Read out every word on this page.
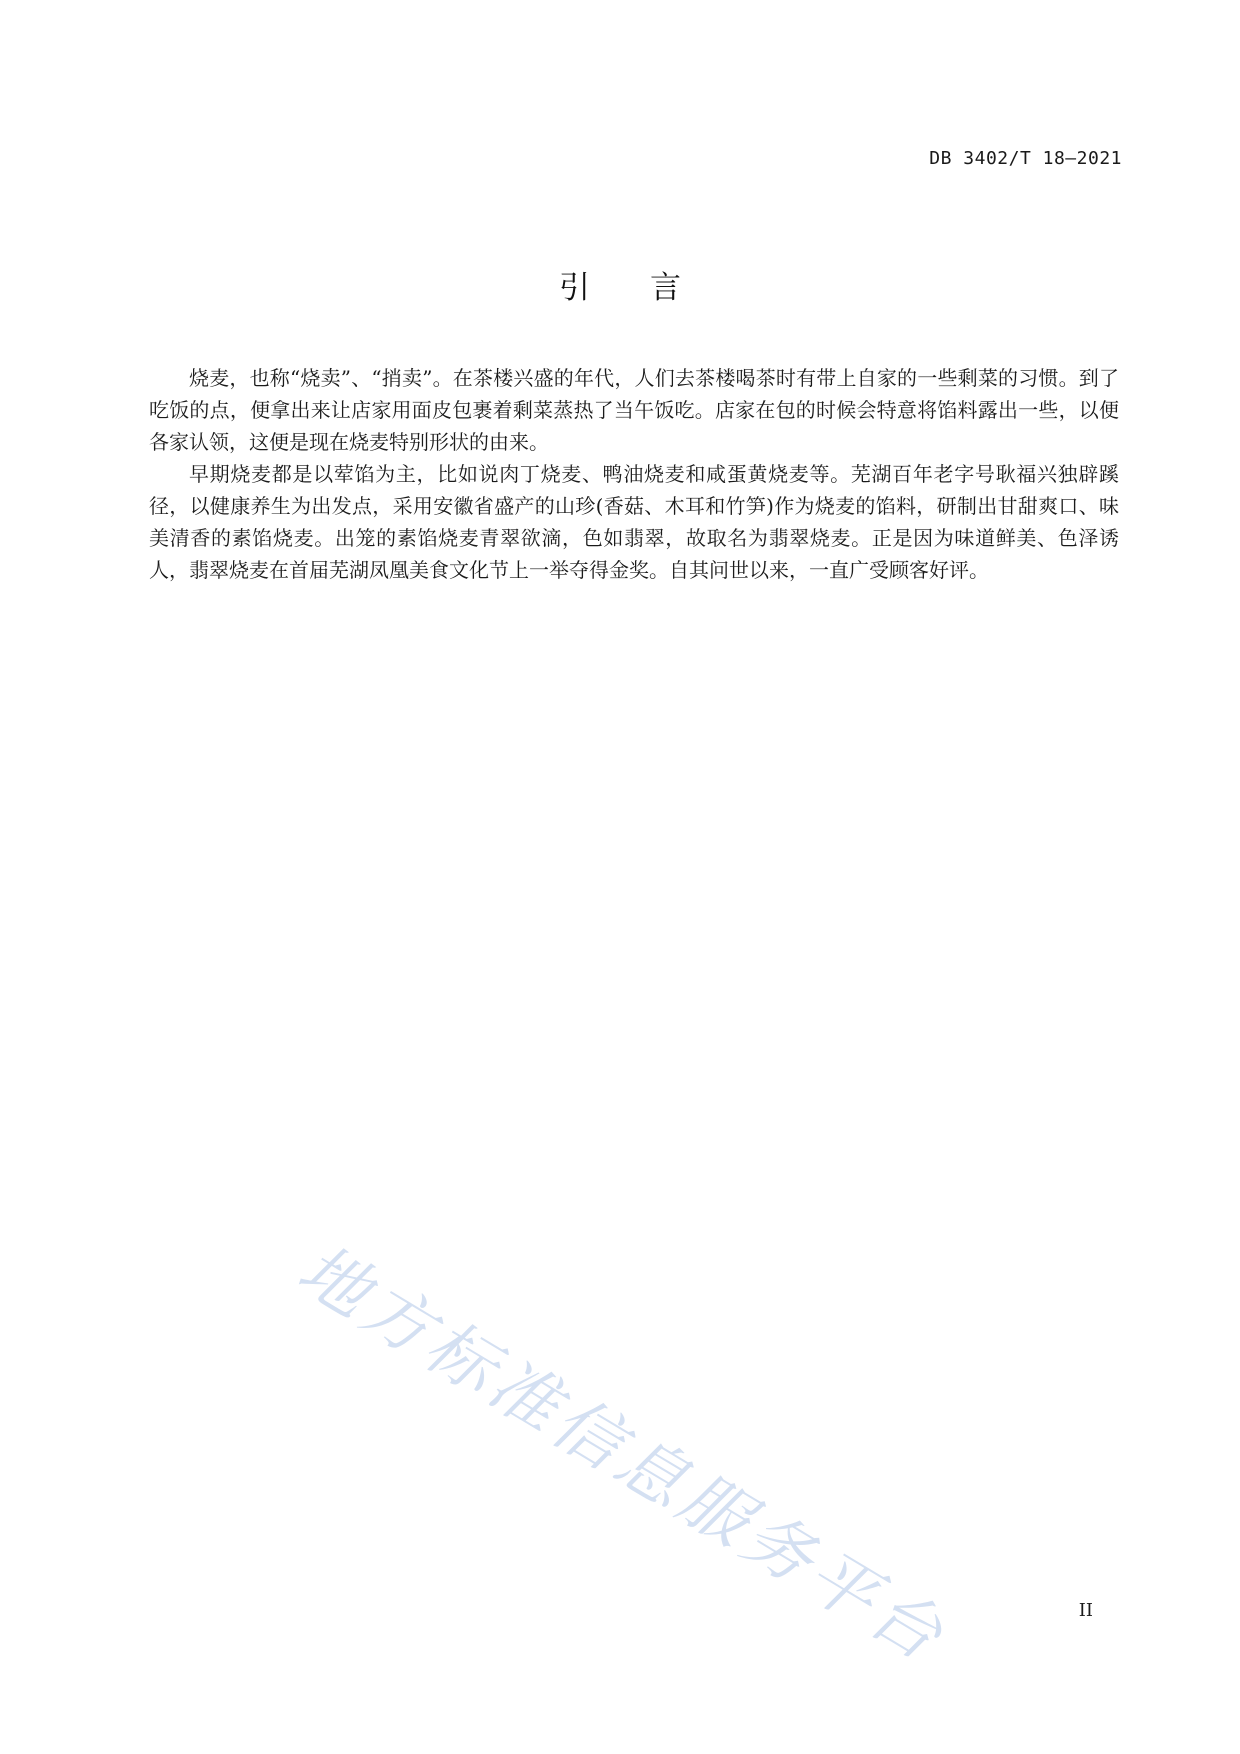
DB 3402/T 18—2021
引言

烧麦，也称“烧卖”、“捎卖”。在茶楼兴盛的年代，人们去茶楼喝茶时有带上自家的一些剩菜的习惯。到了吃饭的点，便拿出来让店家用面皮包裹着剩菜蒸热了当午饭吃。店家在包的时候会特意将馅料露出一些，以便各家认领，这便是现在烧麦特别形状的由来。

早期烧麦都是以荤馅为主，比如说肉丁烧麦、鸭油烧麦和咸蛋黄烧麦等。芜湖百年老字号耿福兴独辟蹊径，以健康养生为出发点，采用安徽省盛产的山珍(香菇、木耳和竹笋)作为烧麦的馅料，研制出甘甜爽口、味美清香的素馅烧麦。出笼的素馅烧麦青翠欲滴，色如翡翠，故取名为翡翠烧麦。正是因为味道鲜美、色泽诱人，翡翠烧麦在首届芜湖凤凰美食文化节上一举夺得金奖。自其问世以来，一直广受顾客好评。

地方标准信息服务平台	II
